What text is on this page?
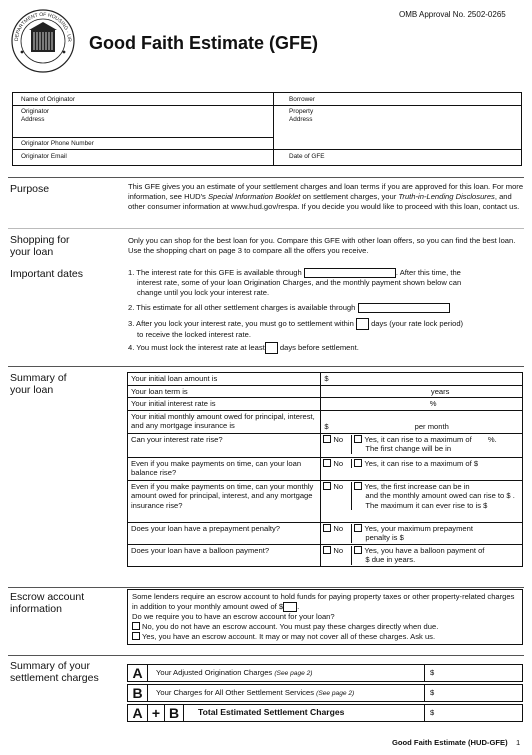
OMB Approval No. 2502-0265
DEPARTMENT OF HOUSING · UR Good Faith Estimate (GFE)
Name of Originator
Originator Address
Originator Phone Number
Originator Email
Borrower
Property Address
Date of GFE
Purpose	This GFE gives you an estimate of your settlement charges and loan terms if you are approved for this loan. For more information, see HUD's Special Information Booklet on settlement charges, your Truth-in-Lending Disclosures, and other consumer information at www.hud.gov/respa. If you decide you would like to proceed with this loan, contact us.
Shopping for
your loan
Only you can shop for the best loan for you. Compare this GFE with other loan offers, so you can find the best loan. Use the shopping chart on page 3 to compare all the offers you receive.
Important dates	1. The interest rate for this GFE is available through	. After this time, the
interest rate, some of your loan Origination Charges, and the monthly payment shown below can
change until you lock your interest rate.
2. This estimate for all other settlement charges is available through
3. After you lock your interest rate, you must go to settlement within days (your rate lock period)
to receive the locked interest rate.
4. You must lock the interest rate at least days before settlement.
Summary of
your loan
Your initial loan amount is	$
Your loan term is	years
Your initial interest rate is	%
Your initial monthly amount owed for principal, interest, and any mortgage insurance is	$ per month
Can your interest rate rise?	No Yes, it can rise to a maximum of %.
The first change will be in

Even if you make payments on time, can your loan balance rise?	No Yes, it can rise to a maximum of $

Even if you make payments on time, can your monthly amount owed for principal, interest, and any mortgage insurance rise?	No Yes, the first increase can be in
and the monthly amount owed can rise to $ . The maximum it can ever rise to is $

Does your loan have a prepayment penalty?	No Yes, your maximum prepayment
penalty is $

Does your loan have a balloon payment?	No Yes, you have a balloon payment of
$ due in years.
Escrow account
information
Some lenders require an escrow account to hold funds for paying property taxes or other property-related charges in addition to your monthly amount owed of $ .
Do we require you to have an escrow account for your loan?
No, you do not have an escrow account. You must pay these charges directly when due.
Yes, you have an escrow account. It may or may not cover all of these charges. Ask us.
Summary of your
settlement charges	A	Your Adjusted Origination Charges (See page 2)	$
B	Your Charges for All Other Settlement Services (See page 2)	$
A + B	Total Estimated Settlement Charges	$
Good Faith Estimate (HUD-GFE) 1
